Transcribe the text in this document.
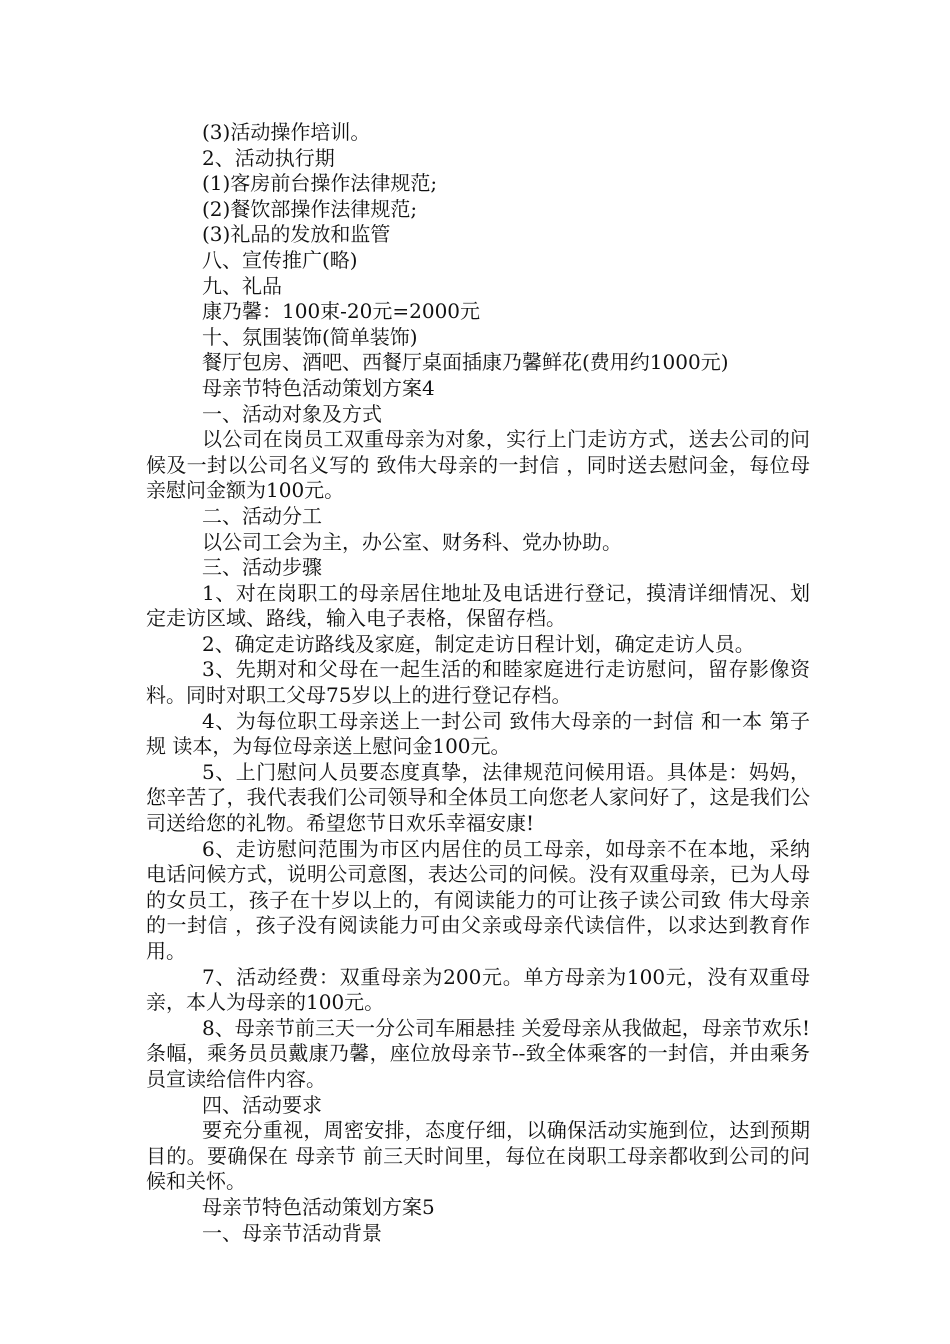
(3)活动操作培训。

2、活动执行期

(1)客房前台操作法律规范;

(2)餐饮部操作法律规范;

(3)礼品的发放和监管

八、宣传推广(略)

九、礼品

康乃馨：100束-20元=2000元

十、氛围装饰(简单装饰)

餐厅包房、酒吧、西餐厅桌面插康乃馨鲜花(费用约1000元)

母亲节特色活动策划方案4

一、活动对象及方式

以公司在岗员工双重母亲为对象，实行上门走访方式，送去公司的问候及一封以公司名义写的 致伟大母亲的一封信 ，同时送去慰问金，每位母亲慰问金额为100元。

二、活动分工

以公司工会为主，办公室、财务科、党办协助。

三、活动步骤

1、对在岗职工的母亲居住地址及电话进行登记，摸清详细情况、划定走访区域、路线，输入电子表格，保留存档。

2、确定走访路线及家庭，制定走访日程计划，确定走访人员。

3、先期对和父母在一起生活的和睦家庭进行走访慰问，留存影像资料。同时对职工父母75岁以上的进行登记存档。

4、为每位职工母亲送上一封公司 致伟大母亲的一封信 和一本 第子规 读本，为每位母亲送上慰问金100元。

5、上门慰问人员要态度真挚，法律规范问候用语。具体是：妈妈，您辛苦了，我代表我们公司领导和全体员工向您老人家问好了，这是我们公司送给您的礼物。希望您节日欢乐幸福安康!

6、走访慰问范围为市区内居住的员工母亲，如母亲不在本地，采纳电话问候方式，说明公司意图，表达公司的问候。没有双重母亲，已为人母的女员工，孩子在十岁以上的，有阅读能力的可让孩子读公司致 伟大母亲的一封信 ，孩子没有阅读能力可由父亲或母亲代读信件，以求达到教育作用。

7、活动经费：双重母亲为200元。单方母亲为100元，没有双重母亲，本人为母亲的100元。

8、母亲节前三天一分公司车厢悬挂 关爱母亲从我做起，母亲节欢乐! 条幅，乘务员员戴康乃馨，座位放母亲节--致全体乘客的一封信，并由乘务员宣读给信件内容。

四、活动要求

要充分重视，周密安排，态度仔细，以确保活动实施到位，达到预期目的。要确保在 母亲节 前三天时间里，每位在岗职工母亲都收到公司的问候和关怀。

母亲节特色活动策划方案5

一、母亲节活动背景
